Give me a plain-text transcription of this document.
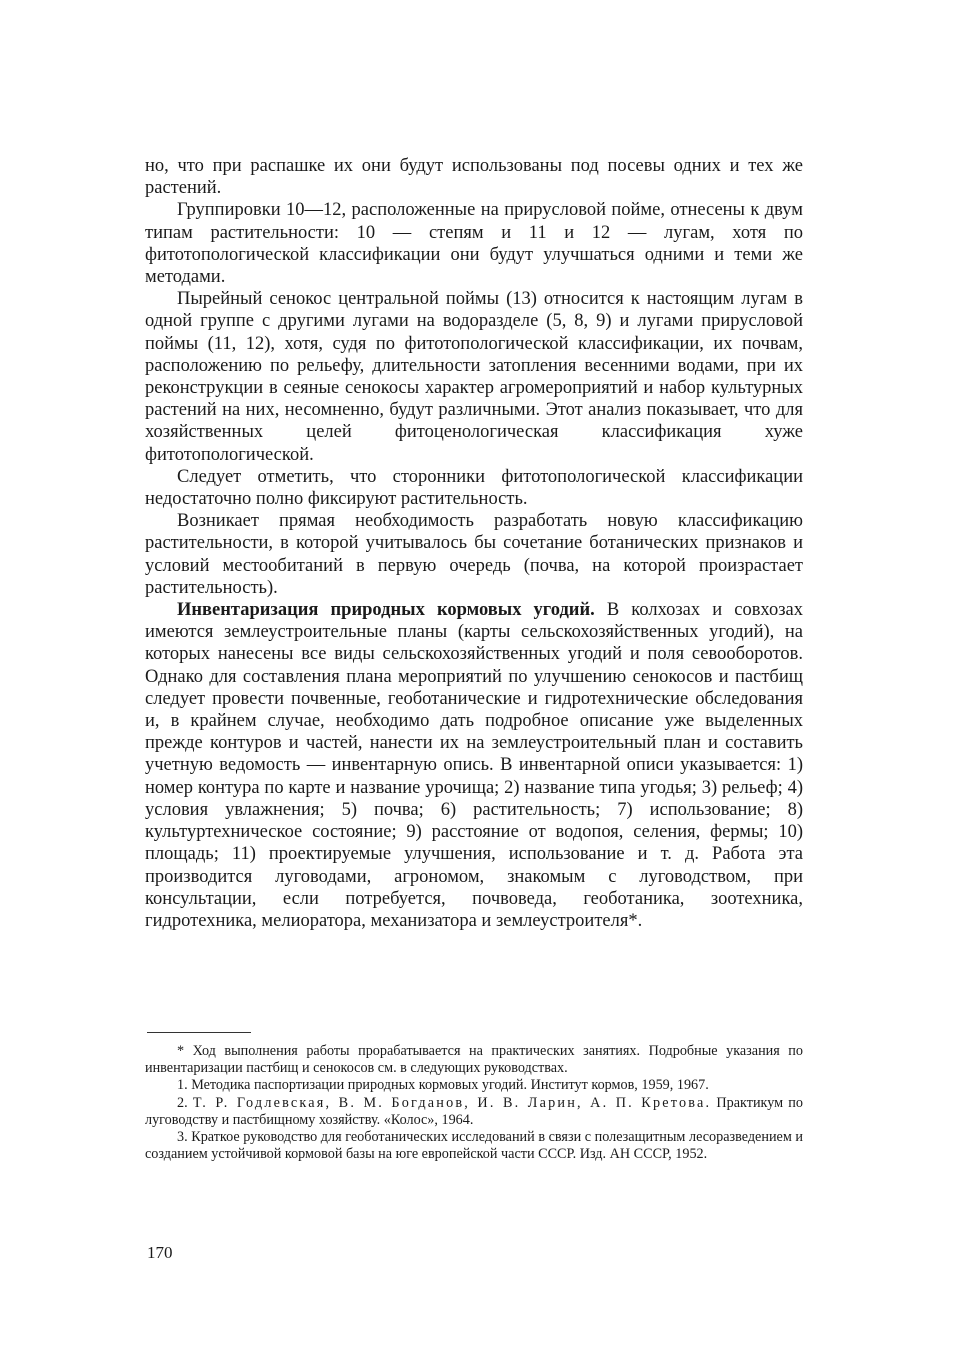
но, что при распашке их они будут использованы под посевы одних и тех же растений.

Группировки 10—12, расположенные на прирусловой пойме, отнесены к двум типам растительности: 10 — степям и 11 и 12 — лугам, хотя по фитотопологической классификации они будут улучшаться одними и теми же методами.

Пырейный сенокос центральной поймы (13) относится к настоящим лугам в одной группе с другими лугами на водоразделе (5, 8, 9) и лугами прирусловой поймы (11, 12), хотя, судя по фитотопологической классификации, их почвам, расположению по рельефу, длительности затопления весенними водами, при их реконструкции в сеяные сенокосы характер агромероприятий и набор культурных растений на них, несомненно, будут различными. Этот анализ показывает, что для хозяйственных целей фитоценологическая классификация хуже фитотопологической.

Следует отметить, что сторонники фитотопологической классификации недостаточно полно фиксируют растительность.

Возникает прямая необходимость разработать новую классификацию растительности, в которой учитывалось бы сочетание ботанических признаков и условий местообитаний в первую очередь (почва, на которой произрастает растительность).

Инвентаризация природных кормовых угодий. В колхозах и совхозах имеются землеустроительные планы (карты сельскохозяйственных угодий), на которых нанесены все виды сельскохозяйственных угодий и поля севооборотов. Однако для составления плана мероприятий по улучшению сенокосов и пастбищ следует провести почвенные, геоботанические и гидротехнические обследования и, в крайнем случае, необходимо дать подробное описание уже выделенных прежде контуров и частей, нанести их на землеустроительный план и составить учетную ведомость — инвентарную опись. В инвентарной описи указывается: 1) номер контура по карте и название урочища; 2) название типа угодья; 3) рельеф; 4) условия увлажнения; 5) почва; 6) растительность; 7) использование; 8) культуртехническое состояние; 9) расстояние от водопоя, селения, фермы; 10) площадь; 11) проектируемые улучшения, использование и т. д. Работа эта производится луговодами, агрономом, знакомым с луговодством, при консультации, если потребуется, почвоведа, геоботаника, зоотехника, гидротехника, мелиоратора, механизатора и землеустроителя*.

* Ход выполнения работы прорабатывается на практических занятиях. Подробные указания по инвентаризации пастбищ и сенокосов см. в следующих руководствах.

1. Методика паспортизации природных кормовых угодий. Институт кормов, 1959, 1967.

2. Т. Р. Годлевская, В. М. Богданов, И. В. Ларин, А. П. Кретова. Практикум по луговодству и пастбищному хозяйству. «Колос», 1964.

3. Краткое руководство для геоботанических исследований в связи с полезащитным лесоразведением и созданием устойчивой кормовой базы на юге европейской части СССР. Изд. АН СССР, 1952.

170
